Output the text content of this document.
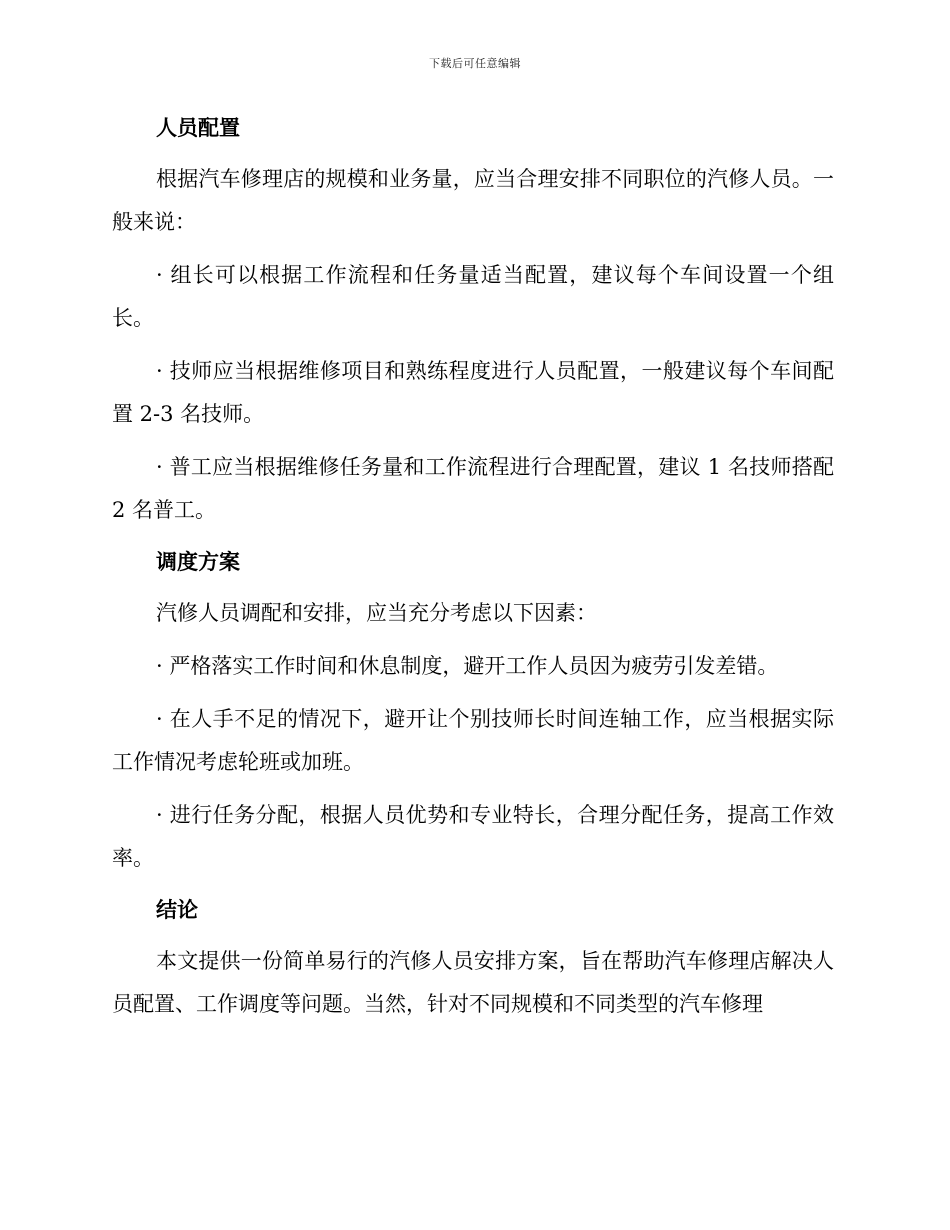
下载后可任意编辑
人员配置

根据汽车修理店的规模和业务量，应当合理安排不同职位的汽修人员。一般来说：

· 组长可以根据工作流程和任务量适当配置，建议每个车间设置一个组长。

· 技师应当根据维修项目和熟练程度进行人员配置，一般建议每个车间配置 2-3 名技师。

· 普工应当根据维修任务量和工作流程进行合理配置，建议 1 名技师搭配 2 名普工。

调度方案

汽修人员调配和安排，应当充分考虑以下因素：

· 严格落实工作时间和休息制度，避开工作人员因为疲劳引发差错。

· 在人手不足的情况下，避开让个别技师长时间连轴工作，应当根据实际工作情况考虑轮班或加班。

· 进行任务分配，根据人员优势和专业特长，合理分配任务，提高工作效率。

结论

本文提供一份简单易行的汽修人员安排方案，旨在帮助汽车修理店解决人员配置、工作调度等问题。当然，针对不同规模和不同类型的汽车修理
